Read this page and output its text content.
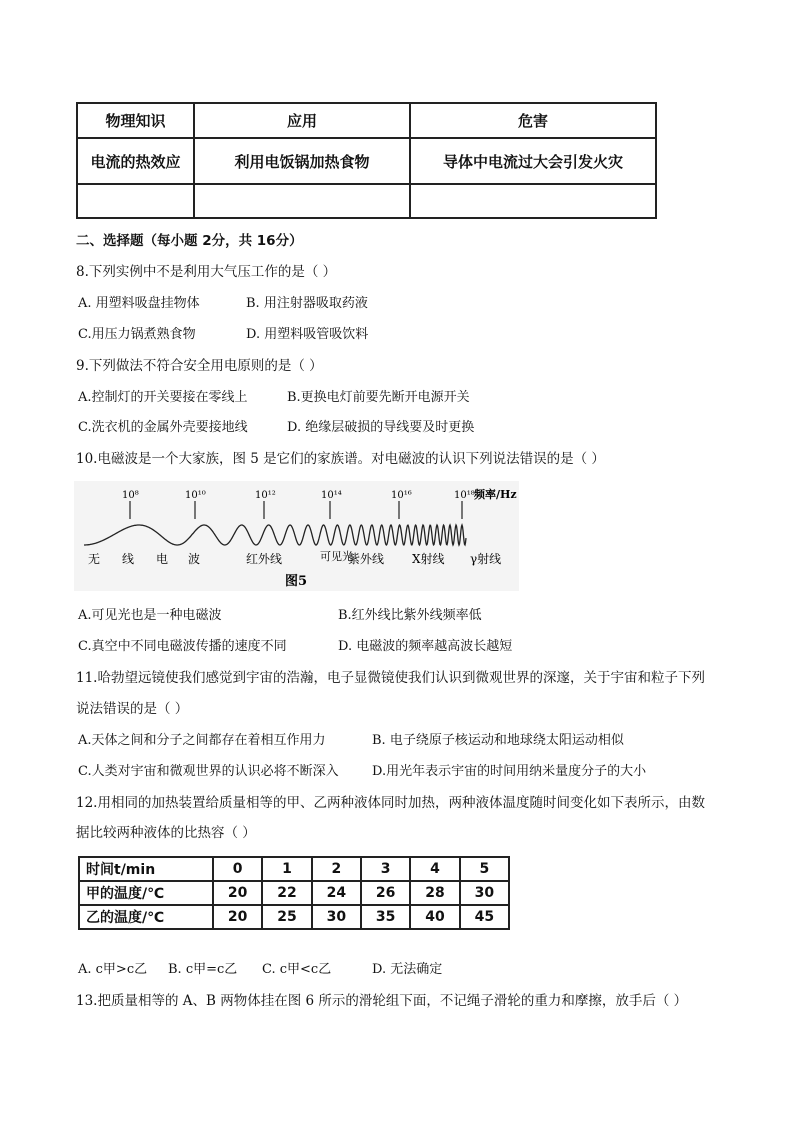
物理知识	应用	危害
电流的热效应	利用电饭锅加热食物	导体中电流过大会引发火灾

二、选择题（每小题 2分，共 16分）
8.下列实例中不是利用大气压工作的是（ ）
A. 用塑料吸盘挂物体	B. 用注射器吸取药液
C.用压力锅煮熟食物	D. 用塑料吸管吸饮料
9.下列做法不符合安全用电原则的是（ ）
A.控制灯的开关要接在零线上	B.更换电灯前要先断开电源开关
C.洗衣机的金属外壳要接地线	D. 绝缘层破损的导线要及时更换
10.电磁波是一个大家族，图 5 是它们的家族谱。对电磁波的认识下列说法错误的是（ ）
10⁸	10¹⁰	10¹²	10¹⁴	10¹⁶	10¹⁸ 频率/Hz
无 线 电 波	红外线	可见光
紫外线 X射线 γ射线
图5
A.可见光也是一种电磁波	B.红外线比紫外线频率低
C.真空中不同电磁波传播的速度不同	D. 电磁波的频率越高波长越短
11.哈勃望远镜使我们感觉到宇宙的浩瀚，电子显微镜使我们认识到微观世界的深邃，关于宇宙和粒子下列
说法错误的是（ ）
A.天体之间和分子之间都存在着相互作用力	B. 电子绕原子核运动和地球绕太阳运动相似
C.人类对宇宙和微观世界的认识必将不断深入	D.用光年表示宇宙的时间用纳米量度分子的大小
12.用相同的加热装置给质量相等的甲、乙两种液体同时加热，两种液体温度随时间变化如下表所示，由数
据比较两种液体的比热容（ ）
时间t/min	0	1	2	3	4	5
甲的温度/℃	20	22	24	26	28	30
乙的温度/℃	20	25	30	35	40	45
A. c甲>c乙 B. c甲=c乙 C. c甲<c乙	D. 无法确定
13.把质量相等的 A、B 两物体挂在图 6 所示的滑轮组下面，不记绳子滑轮的重力和摩擦，放手后（ ）
